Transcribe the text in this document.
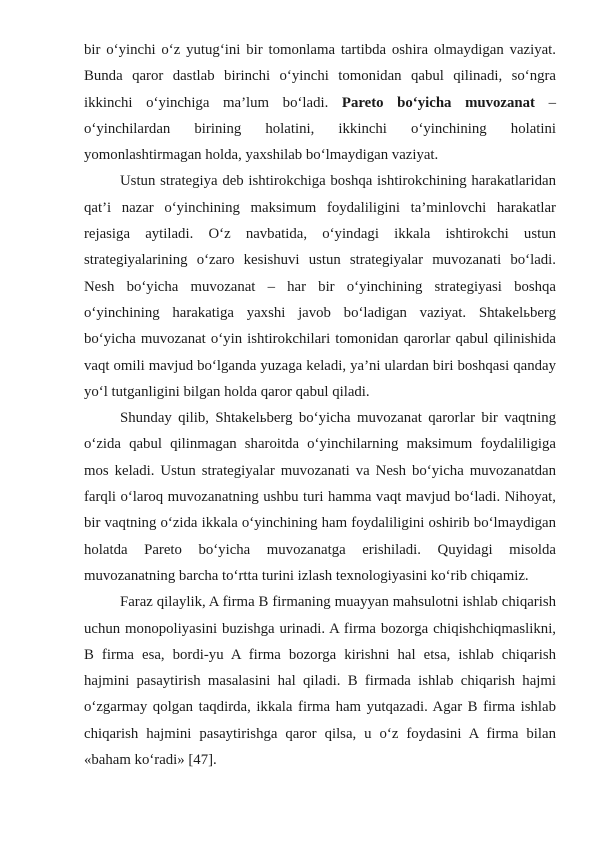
bir o‘yinchi o‘z yutug‘ini bir tomonlama tartibda oshira olmaydigan vaziyat. Bunda qaror dastlab birinchi o‘yinchi tomonidan qabul qilinadi, so‘ngra ikkinchi o‘yinchiga ma’lum bo‘ladi. Pareto bo‘yicha muvozanat – o‘yinchilardan birining holatini, ikkinchi o‘yinchining holatini yomonlashtirmagan holda, yaxshilab bo‘lmaydigan vaziyat.

Ustun strategiya deb ishtirokchiga boshqa ishtirokchining harakatlaridan qat’i nazar o‘yinchining maksimum foydaliligini ta’minlovchi harakatlar rejasiga aytiladi. O‘z navbatida, o‘yindagi ikkala ishtirokchi ustun strategiyalarining o‘zaro kesishuvi ustun strategiyalar muvozanati bo‘ladi. Nesh bo‘yicha muvozanat – har bir o‘yinchining strategiyasi boshqa o‘yinchining harakatiga yaxshi javob bo‘ladigan vaziyat. Shtakelьberg bo‘yicha muvozanat o‘yin ishtirokchilari tomonidan qarorlar qabul qilinishida vaqt omili mavjud bo‘lganda yuzaga keladi, ya’ni ulardan biri boshqasi qanday yo‘l tutganligini bilgan holda qaror qabul qiladi.

Shunday qilib, Shtakelьberg bo‘yicha muvozanat qarorlar bir vaqtning o‘zida qabul qilinmagan sharoitda o‘yinchilarning maksimum foydaliligiga mos keladi. Ustun strategiyalar muvozanati va Nesh bo‘yicha muvozanatdan farqli o‘laroq muvozanatning ushbu turi hamma vaqt mavjud bo‘ladi. Nihoyat, bir vaqtning o‘zida ikkala o‘yinchining ham foydaliligini oshirib bo‘lmaydigan holatda Pareto bo‘yicha muvozanatga erishiladi. Quyidagi misolda muvozanatning barcha to‘rtta turini izlash texnologiyasini ko‘rib chiqamiz.

Faraz qilaylik, A firma B firmaning muayyan mahsulotni ishlab chiqarish uchun monopoliyasini buzishga urinadi. A firma bozorga chiqishchiqmaslikni, B firma esa, bordi-yu A firma bozorga kirishni hal etsa, ishlab chiqarish hajmini pasaytirish masalasini hal qiladi. B firmada ishlab chiqarish hajmi o‘zgarmay qolgan taqdirda, ikkala firma ham yutqazadi. Agar B firma ishlab chiqarish hajmini pasaytirishga qaror qilsa, u o‘z foydasini A firma bilan «baham ko‘radi» [47].
